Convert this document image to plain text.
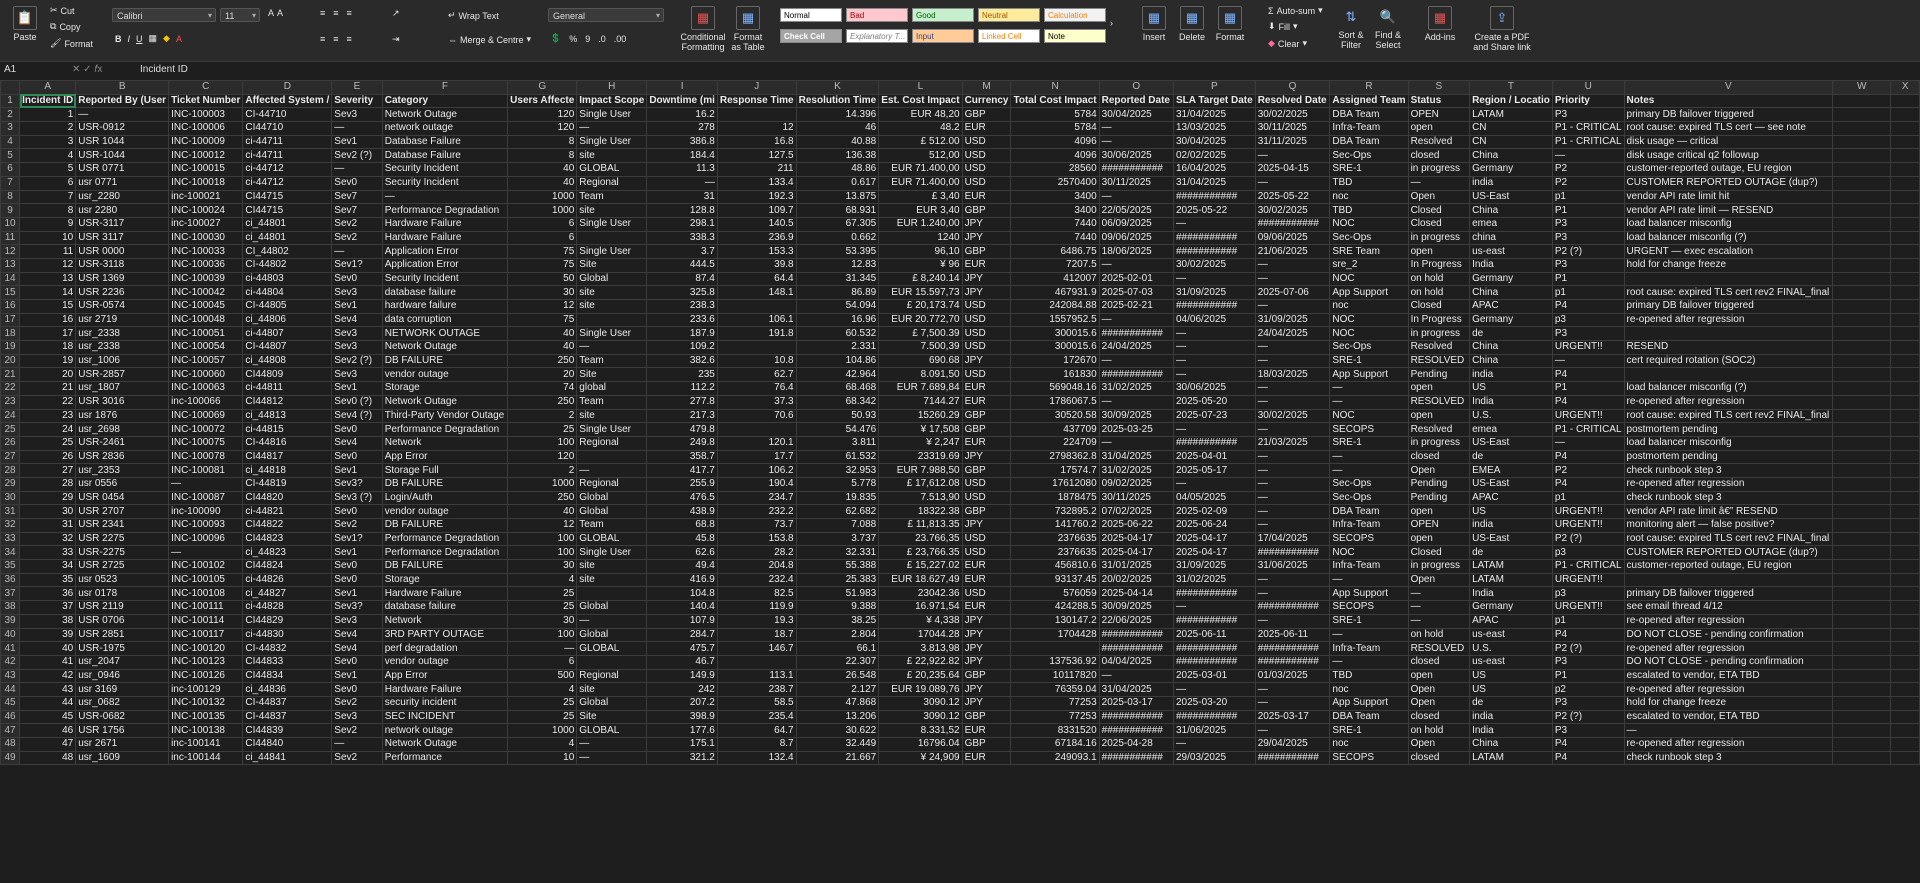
📋
Paste
✂ Cut
⧉ Copy
🖌 Format
Calibri ▾	11 ▾	A A
B I U ▦ ◆ A
≡ ≡ ≡
≡ ≡ ≡
↗
⇥
↵ Wrap Text
⇔ Merge & Centre ▾
General ▾
💲 % 9 .0 .00
▦
Conditional Formatting
▦
Format as Table
Normal	Bad	Good	Neutral	Calculation
Check Cell	Explanatory T...	Input	Linked Cell	Note
›	▦
Insert
▦
Delete
▦
Format
Σ Auto-sum ▾
⬇ Fill ▾
◆ Clear ▾
⇅
Sort & Filter
🔍
Find & Select
▦
Add-ins
⇪
Create a PDF and Share link
A1	✕ ✓ 𝑓x	Incident ID
	A	B	C	D	E	F	G	H	I	J	K	L	M	N	O	P	Q	R	S	T	U	V	W	X
1	Incident ID	Reported By (User	Ticket Number	Affected System /	Severity	Category	Users Affecte	Impact Scope	Downtime (mi	Response Time	Resolution Time	Est. Cost Impact	Currency	Total Cost Impact	Reported Date	SLA Target Date	Resolved Date	Assigned Team	Status	Region / Locatio	Priority	Notes		
2	1	—	INC-100003	CI-44710	Sev3	Network Outage	120	Single User	16.2		14.396	EUR 48,20	GBP	5784	30/04/2025	31/04/2025	30/02/2025	DBA Team	OPEN	LATAM	P3	primary DB failover triggered		
3	2	USR-0912	INC-100006	CI44710	—	network outage	120	—	278	12	46	48.2	EUR	5784	—	13/03/2025	30/11/2025	Infra-Team	open	CN	P1 - CRITICAL	root cause: expired TLS cert — see note		
4	3	USR 1044	INC-100009	ci-44711	Sev1	Database Failure	8	Single User	386.8	16.8	40.88	£ 512.00	USD	4096	—	30/04/2025	31/11/2025	DBA Team	Resolved	CN	P1 - CRITICAL	disk usage — critical		
5	4	USR-1044	INC-100012	ci-44711	Sev2 (?)	Database Failure	8	site	184.4	127.5	136.38	512,00	USD	4096	30/06/2025	02/02/2025	—	Sec-Ops	closed	China	—	disk usage critical q2 followup		
6	5	USR 0771	INC-100015	ci-44712	—	Security Incident	40	GLOBAL	11.3	211	48.86	EUR 71.400,00	USD	28560	###########	16/04/2025	2025-04-15	SRE-1	in progress	Germany	P2	customer-reported outage, EU region		
7	6	usr 0771	INC-100018	ci-44712	Sev0	Security Incident	40	Regional	—	133.4	0.617	EUR 71.400,00	USD	2570400	30/11/2025	31/04/2025	—	TBD	—	india	P2	CUSTOMER REPORTED OUTAGE (dup?)		
8	7	usr_2280	inc-100021	CI44715	Sev7	—	1000	Team	31	192.3	13.875	£ 3,40	EUR	3400	—	###########	2025-05-22	noc	Open	US-East	p1	vendor API rate limit hit		
9	8	usr 2280	INC-100024	CI44715	Sev7	Performance Degradation	1000	site	128.8	109.7	68.931	EUR 3,40	GBP	3400	22/05/2025	2025-05-22	30/02/2025	TBD	Closed	China	P1	vendor API rate limit — RESEND		
10	9	USR-3117	inc-100027	ci_44801	Sev2	Hardware Failure	6	Single User	298.1	140.5	67.305	EUR 1.240,00	JPY	7440	06/09/2025	—	###########	NOC	Closed	emea	P3	load balancer misconfig		
11	10	USR 3117	INC-100030	ci_44801	Sev2	Hardware Failure	6		338.3	236.9	0.662	1240	JPY	7440	09/06/2025	###########	09/06/2025	Sec-Ops	in progress	china	P3	load balancer misconfig (?)		
12	11	USR 0000	INC-100033	CI_44802	—	Application Error	75	Single User	3.7	153.3	53.395	96,10	GBP	6486.75	18/06/2025	###########	21/06/2025	SRE Team	open	us-east	P2 (?)	URGENT — exec escalation		
13	12	USR-3118	INC-100036	CI-44802	Sev1?	Application Error	75	Site	444.5	39.8	12.83	¥ 96	EUR	7207.5	—	30/02/2025	—	sre_2	In Progress	India	P3	hold for change freeze		
14	13	USR 1369	INC-100039	ci-44803	Sev0	Security Incident	50	Global	87.4	64.4	31.345	£ 8,240.14	JPY	412007	2025-02-01	—	—	NOC	on hold	Germany	P1			
15	14	USR 2236	INC-100042	ci-44804	Sev3	database failure	30	site	325.8	148.1	86.89	EUR 15.597,73	JPY	467931.9	2025-07-03	31/09/2025	2025-07-06	App Support	on hold	China	p1	root cause: expired TLS cert rev2 FINAL_final		
16	15	USR-0574	INC-100045	CI-44805	Sev1	hardware failure	12	site	238.3		54.094	£ 20,173.74	USD	242084.88	2025-02-21	###########	—	noc	Closed	APAC	P4	primary DB failover triggered		
17	16	usr 2719	INC-100048	ci_44806	Sev4	data corruption	75		233.6	106.1	16.96	EUR 20.772,70	USD	1557952.5	—	04/06/2025	31/09/2025	NOC	In Progress	Germany	p3	re-opened after regression		
18	17	usr_2338	INC-100051	ci-44807	Sev3	NETWORK OUTAGE	40	Single User	187.9	191.8	60.532	£ 7,500.39	USD	300015.6	###########	—	24/04/2025	NOC	in progress	de	P3			
19	18	usr_2338	INC-100054	CI-44807	Sev3	Network Outage	40	—	109.2		2.331	7.500,39	USD	300015.6	24/04/2025	—	—	Sec-Ops	Resolved	China	URGENT!!	RESEND		
20	19	usr_1006	INC-100057	ci_44808	Sev2 (?)	DB FAILURE	250	Team	382.6	10.8	104.86	690.68	JPY	172670	—	—	—	SRE-1	RESOLVED	China	—	cert required rotation (SOC2)		
21	20	USR-2857	INC-100060	CI44809	Sev3	vendor outage	20	Site	235	62.7	42.964	8.091,50	USD	161830	###########	—	18/03/2025	App Support	Pending	india	P4			
22	21	usr_1807	INC-100063	ci-44811	Sev1	Storage	74	global	112.2	76.4	68.468	EUR 7.689,84	EUR	569048.16	31/02/2025	30/06/2025	—	—	open	US	P1	load balancer misconfig (?)		
23	22	USR 3016	inc-100066	CI44812	Sev0 (?)	Network Outage	250	Team	277.8	37.3	68.342	7144.27	EUR	1786067.5	—	2025-05-20	—	—	RESOLVED	India	P4	re-opened after regression		
24	23	usr 1876	INC-100069	ci_44813	Sev4 (?)	Third-Party Vendor Outage	2	site	217.3	70.6	50.93	15260.29	GBP	30520.58	30/09/2025	2025-07-23	30/02/2025	NOC	open	U.S.	URGENT!!	root cause: expired TLS cert rev2 FINAL_final		
25	24	usr_2698	INC-100072	ci-44815	Sev0	Performance Degradation	25	Single User	479.8		54.476	¥ 17,508	GBP	437709	2025-03-25	—	—	SECOPS	Resolved	emea	P1 - CRITICAL	postmortem pending		
26	25	USR-2461	INC-100075	CI-44816	Sev4	Network	100	Regional	249.8	120.1	3.811	¥ 2,247	EUR	224709	—	###########	21/03/2025	SRE-1	in progress	US-East	—	load balancer misconfig		
27	26	USR 2836	INC-100078	CI44817	Sev0	App Error	120		358.7	17.7	61.532	23319.69	JPY	2798362.8	31/04/2025	2025-04-01	—	—	closed	de	P4	postmortem pending		
28	27	usr_2353	INC-100081	ci_44818	Sev1	Storage Full	2	—	417.7	106.2	32.953	EUR 7.988,50	GBP	17574.7	31/02/2025	2025-05-17	—	—	Open	EMEA	P2	check runbook step 3		
29	28	usr 0556	—	CI-44819	Sev3?	DB FAILURE	1000	Regional	255.9	190.4	5.778	£ 17,612.08	USD	17612080	09/02/2025	—	—	Sec-Ops	Pending	US-East	P4	re-opened after regression		
30	29	USR 0454	INC-100087	CI44820	Sev3 (?)	Login/Auth	250	Global	476.5	234.7	19.835	7.513,90	USD	1878475	30/11/2025	04/05/2025	—	Sec-Ops	Pending	APAC	p1	check runbook step 3		
31	30	USR 2707	inc-100090	ci-44821	Sev0	vendor outage	40	Global	438.9	232.2	62.682	18322.38	GBP	732895.2	07/02/2025	2025-02-09	—	DBA Team	open	US	URGENT!!	vendor API rate limit â€” RESEND		
32	31	USR 2341	INC-100093	CI44822	Sev2	DB FAILURE	12	Team	68.8	73.7	7.088	£ 11,813.35	JPY	141760.2	2025-06-22	2025-06-24	—	Infra-Team	OPEN	india	URGENT!!	monitoring alert — false positive?		
33	32	USR 2275	INC-100096	CI44823	Sev1?	Performance Degradation	100	GLOBAL	45.8	153.8	3.737	23.766,35	USD	2376635	2025-04-17	2025-04-17	17/04/2025	SECOPS	open	US-East	P2 (?)	root cause: expired TLS cert rev2 FINAL_final		
34	33	USR-2275	—	ci_44823	Sev1	Performance Degradation	100	Single User	62.6	28.2	32.331	£ 23,766.35	USD	2376635	2025-04-17	2025-04-17	###########	NOC	Closed	de	p3	CUSTOMER REPORTED OUTAGE (dup?)		
35	34	USR 2725	INC-100102	CI44824	Sev0	DB FAILURE	30	site	49.4	204.8	55.388	£ 15,227.02	EUR	456810.6	31/01/2025	31/09/2025	31/06/2025	Infra-Team	in progress	LATAM	P1 - CRITICAL	customer-reported outage, EU region		
36	35	usr 0523	INC-100105	ci-44826	Sev0	Storage	4	site	416.9	232.4	25.383	EUR 18.627,49	EUR	93137.45	20/02/2025	31/02/2025	—	—	Open	LATAM	URGENT!!			
37	36	usr 0178	INC-100108	ci_44827	Sev1	Hardware Failure	25		104.8	82.5	51.983	23042.36	USD	576059	2025-04-14	###########	—	App Support	—	India	p3	primary DB failover triggered		
38	37	USR 2119	INC-100111	ci-44828	Sev3?	database failure	25	Global	140.4	119.9	9.388	16.971,54	EUR	424288.5	30/09/2025	—	###########	SECOPS	—	Germany	URGENT!!	see email thread 4/12		
39	38	USR 0706	INC-100114	CI44829	Sev3	Network	30	—	107.9	19.3	38.25	¥ 4,338	JPY	130147.2	22/06/2025	###########	—	SRE-1	—	APAC	p1	re-opened after regression		
40	39	USR 2851	INC-100117	ci-44830	Sev4	3RD PARTY OUTAGE	100	Global	284.7	18.7	2.804	17044.28	JPY	1704428	###########	2025-06-11	2025-06-11	—	on hold	us-east	P4	DO NOT CLOSE - pending confirmation		
41	40	USR-1975	INC-100120	CI-44832	Sev4	perf degradation	—	GLOBAL	475.7	146.7	66.1	3.813,98	JPY		###########	###########	###########	Infra-Team	RESOLVED	U.S.	P2 (?)	re-opened after regression		
42	41	usr_2047	INC-100123	CI44833	Sev0	vendor outage	6		46.7		22.307	£ 22,922.82	JPY	137536.92	04/04/2025	###########	###########	—	closed	us-east	P3	DO NOT CLOSE - pending confirmation		
43	42	usr_0946	INC-100126	CI44834	Sev1	App Error	500	Regional	149.9	113.1	26.548	£ 20,235.64	GBP	10117820	—	2025-03-01	01/03/2025	TBD	open	US	P1	escalated to vendor, ETA TBD		
44	43	usr 3169	inc-100129	ci_44836	Sev0	Hardware Failure	4	site	242	238.7	2.127	EUR 19.089,76	JPY	76359.04	31/04/2025	—	—	noc	Open	US	p2	re-opened after regression		
45	44	usr_0682	INC-100132	CI-44837	Sev2	security incident	25	Global	207.2	58.5	47.868	3090.12	JPY	77253	2025-03-17	2025-03-20	—	App Support	Open	de	P3	hold for change freeze		
46	45	USR-0682	INC-100135	CI-44837	Sev3	SEC INCIDENT	25	Site	398.9	235.4	13.206	3090.12	GBP	77253	###########	###########	2025-03-17	DBA Team	closed	india	P2 (?)	escalated to vendor, ETA TBD		
47	46	USR 1756	INC-100138	CI44839	Sev2	network outage	1000	GLOBAL	177.6	64.7	30.622	8.331,52	EUR	8331520	###########	31/06/2025	—	SRE-1	on hold	India	P3	—		
48	47	usr 2671	inc-100141	CI44840	—	Network Outage	4	—	175.1	8.7	32.449	16796.04	GBP	67184.16	2025-04-28	—	29/04/2025	noc	Open	China	P4	re-opened after regression		
49	48	usr_1609	inc-100144	ci_44841	Sev2	Performance	10	—	321.2	132.4	21.667	¥ 24,909	EUR	249093.1	###########	29/03/2025	###########	SECOPS	closed	LATAM	P4	check runbook step 3		
